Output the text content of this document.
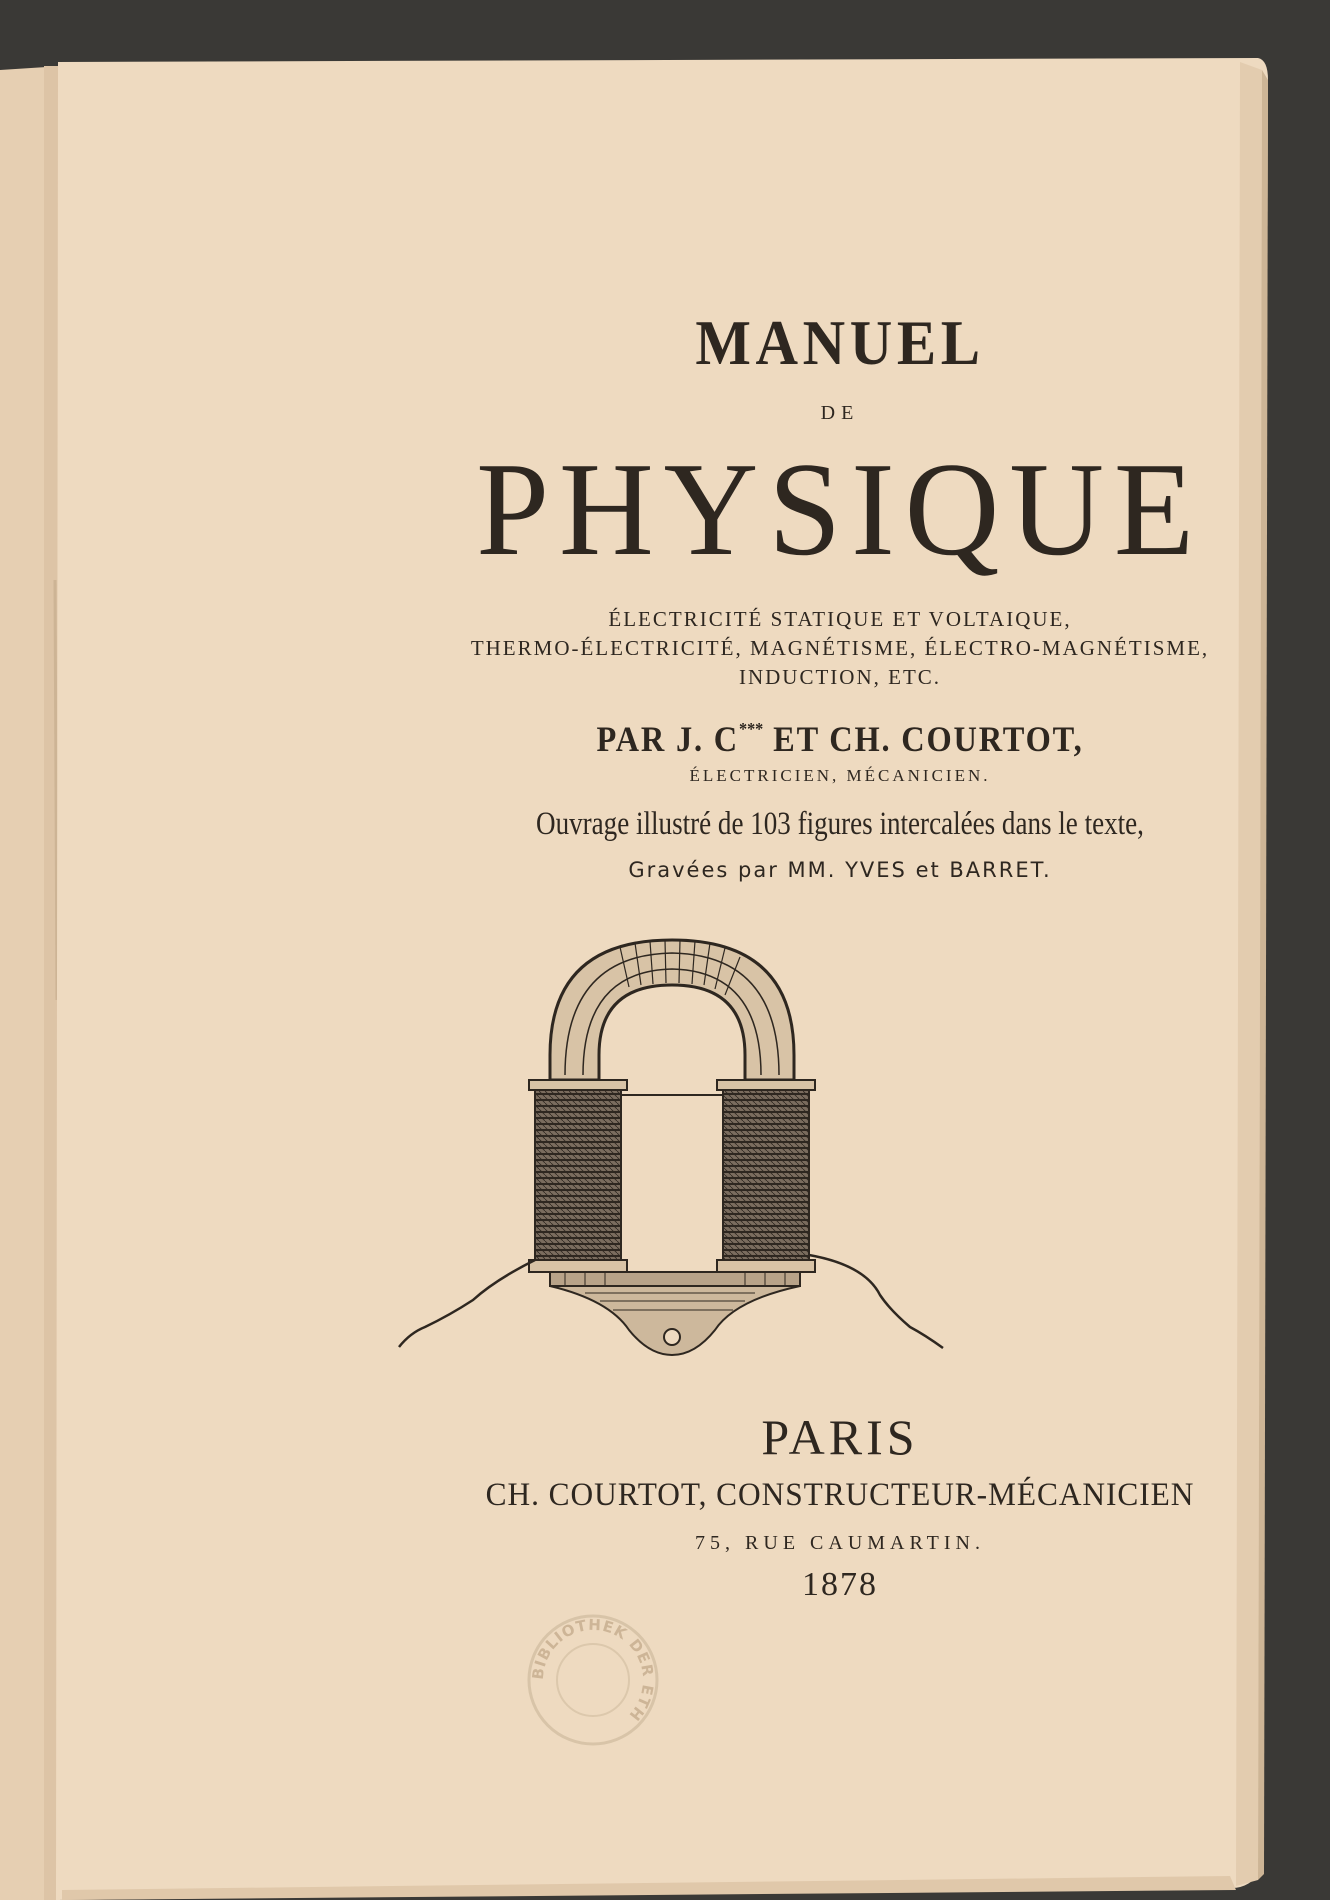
MANUEL
DE
PHYSIQUE
ÉLECTRICITÉ STATIQUE ET VOLTAIQUE,
THERMO-ÉLECTRICITÉ, MAGNÉTISME, ÉLECTRO-MAGNÉTISME,
INDUCTION, ETC.
PAR J. C*** ET CH. COURTOT,
ÉLECTRICIEN, MÉCANICIEN.
Ouvrage illustré de 103 figures intercalées dans le texte,
Gravées par MM. YVES et BARRET.
PARIS
CH. COURTOT, CONSTRUCTEUR-MÉCANICIEN
75, RUE CAUMARTIN.
1878
BIBLIOTHEK DER ETH
